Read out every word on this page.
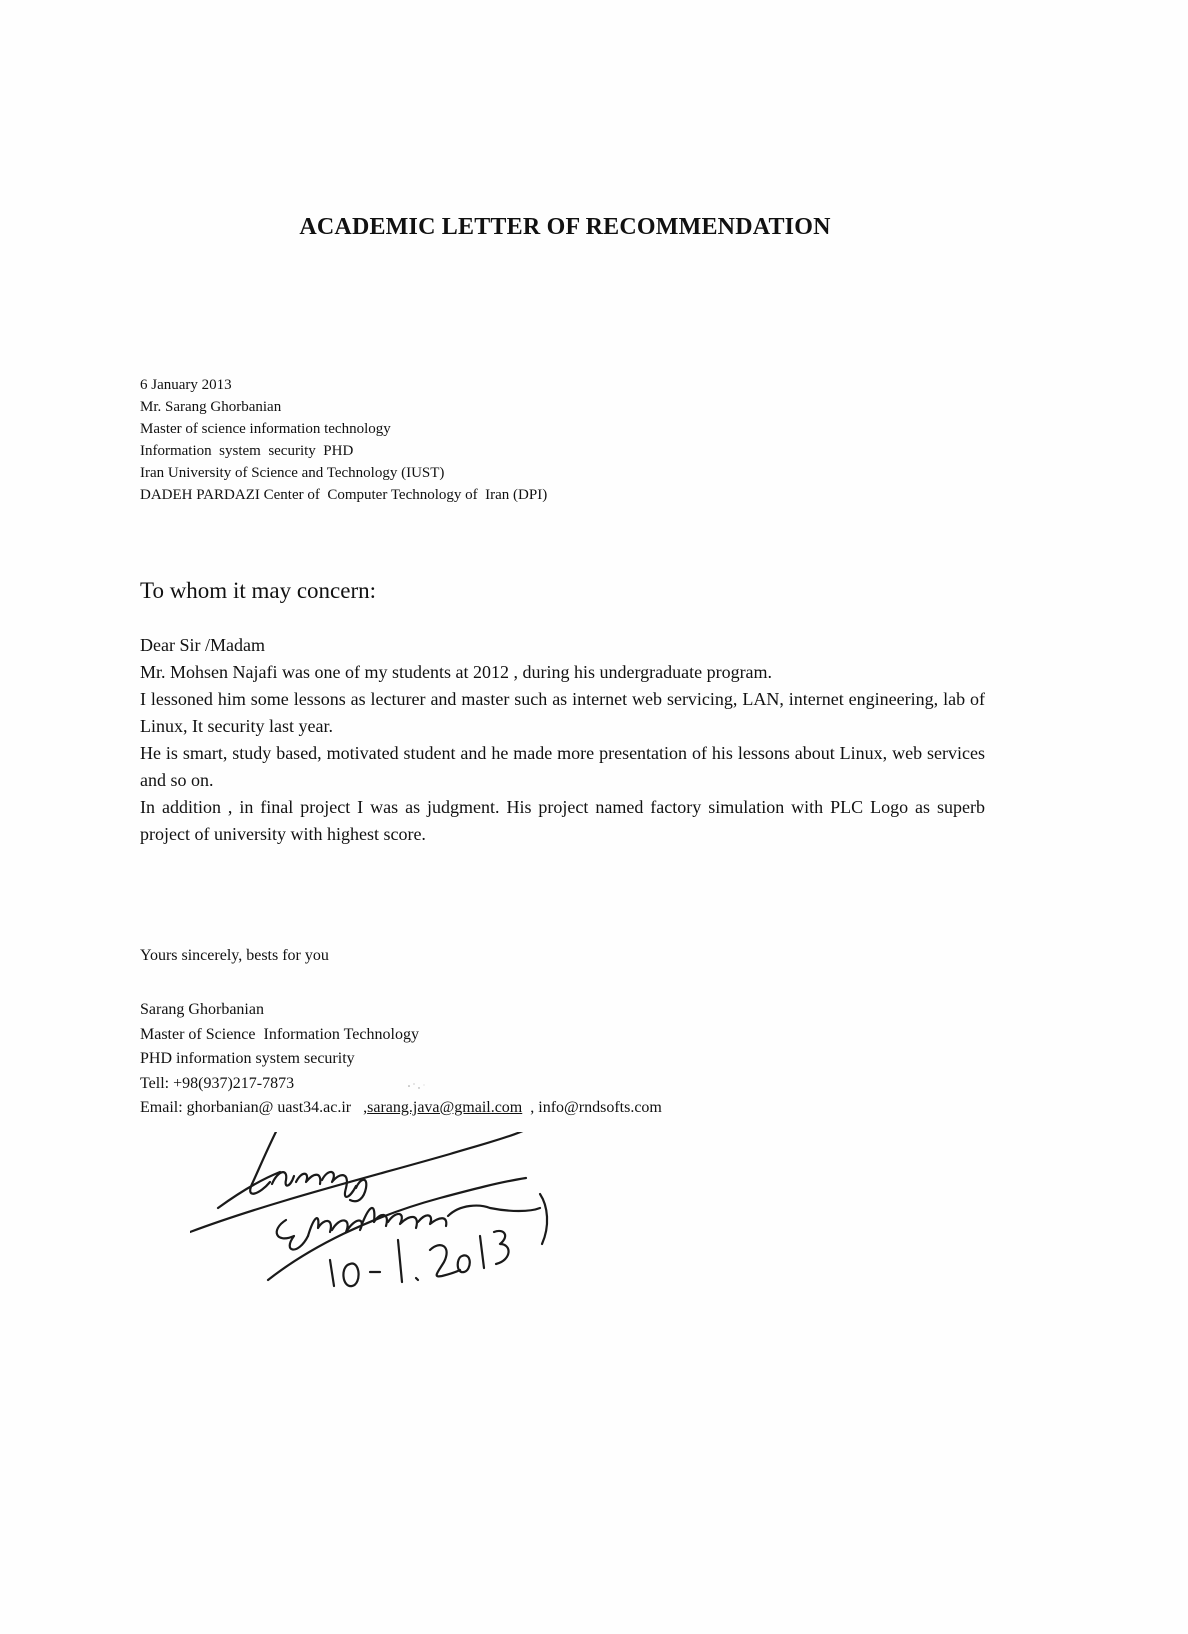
ACADEMIC LETTER OF RECOMMENDATION
6 January 2013
Mr. Sarang Ghorbanian
Master of science information technology
Information  system  security  PHD
Iran University of Science and Technology (IUST)
DADEH PARDAZI Center of  Computer Technology of  Iran (DPI)
To whom it may concern:

Dear Sir /Madam

Mr. Mohsen Najafi was one of my students at 2012 , during his undergraduate program.

I lessoned him some lessons as lecturer and master such as internet web servicing, LAN, internet engineering, lab of Linux, It security last year.

He is smart, study based, motivated student and he made more presentation of his lessons about Linux, web services and so on.

In addition , in final project I was as judgment. His project named factory simulation with PLC Logo as superb project of university with highest score.

Yours sincerely, bests for you
Sarang Ghorbanian
Master of Science  Information Technology
PHD information system security
Tell: +98(937)217-7873
Email: ghorbanian@ uast34.ac.ir   ,sarang.java@gmail.com  , info@rndsofts.com
